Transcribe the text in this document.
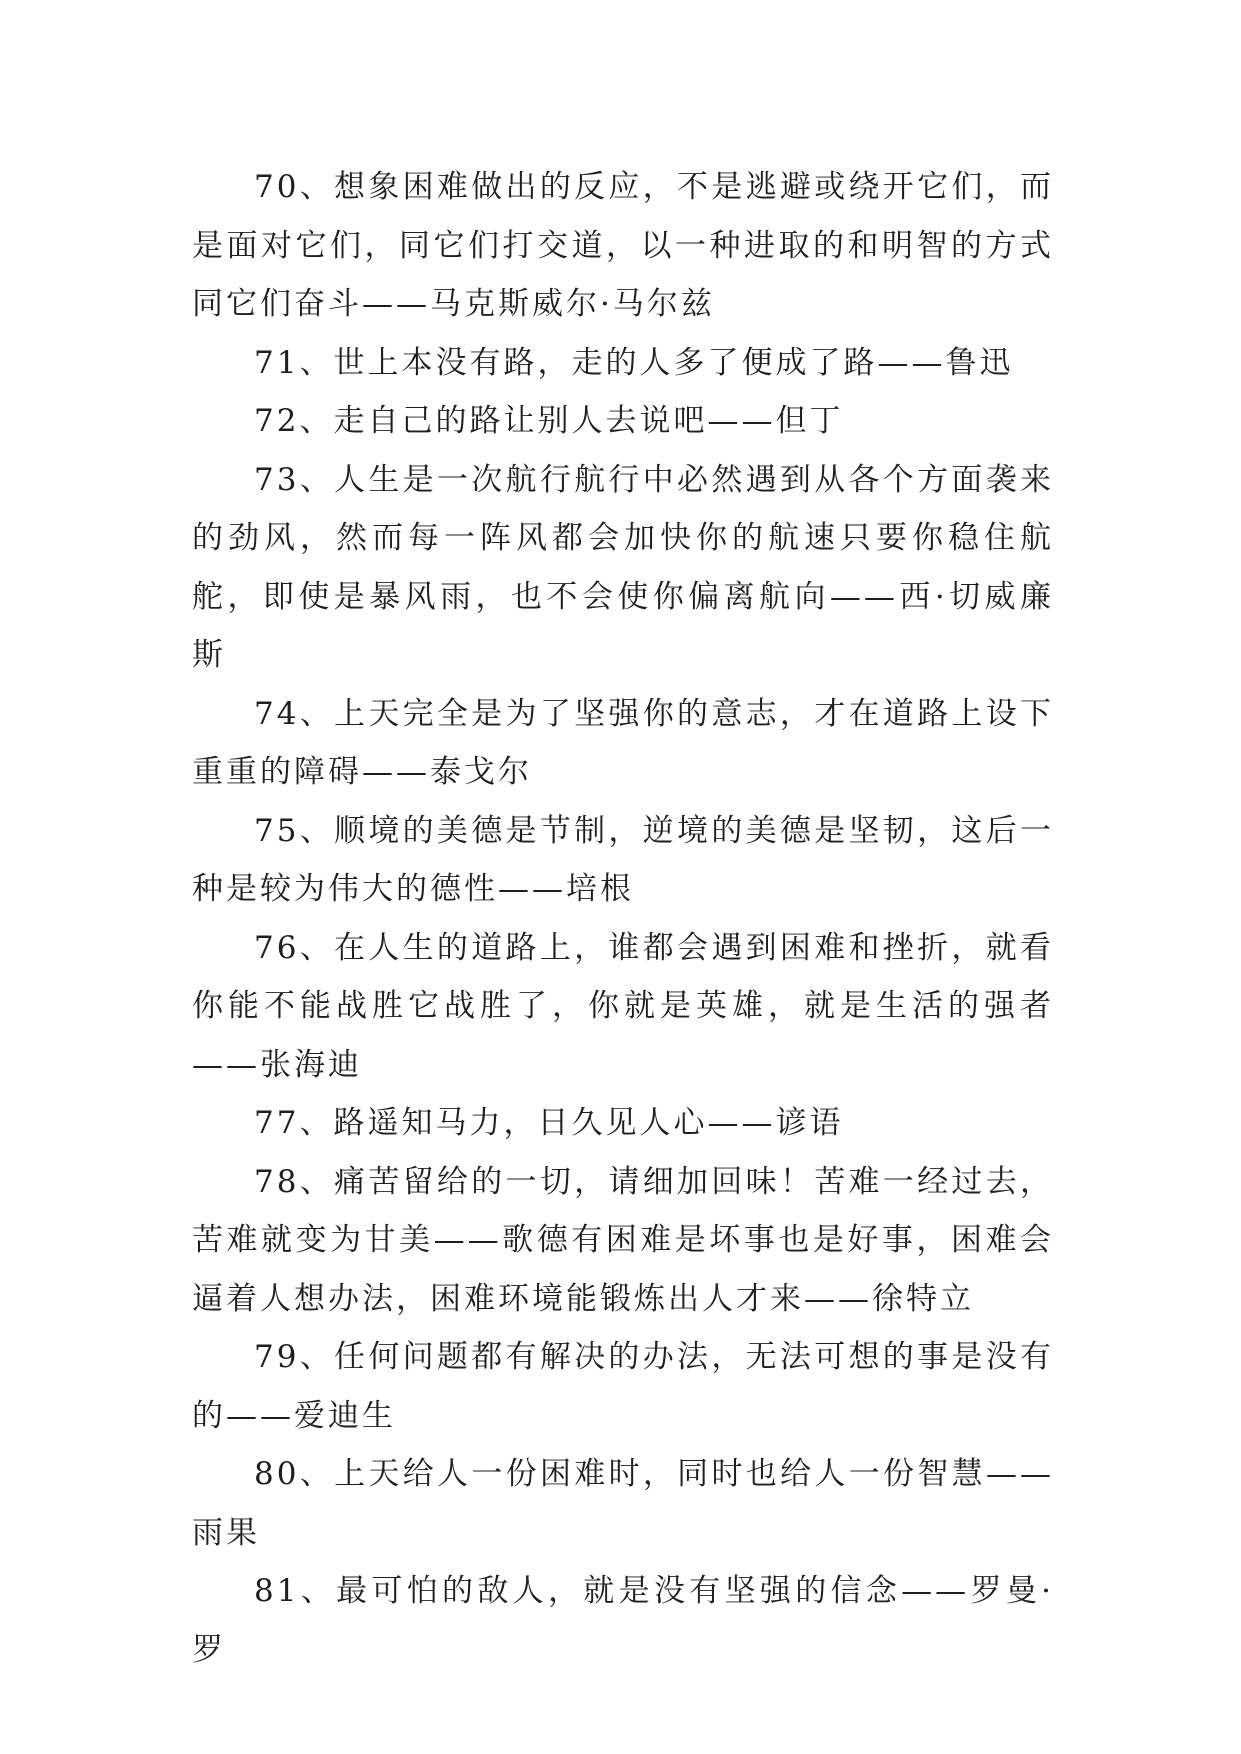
70、想象困难做出的反应，不是逃避或绕开它们，而是面对它们，同它们打交道，以一种进取的和明智的方式同它们奋斗——马克斯威尔·马尔兹

71、世上本没有路，走的人多了便成了路——鲁迅

72、走自己的路让别人去说吧——但丁

73、人生是一次航行航行中必然遇到从各个方面袭来的劲风，然而每一阵风都会加快你的航速只要你稳住航舵，即使是暴风雨，也不会使你偏离航向——西·切威廉斯

74、上天完全是为了坚强你的意志，才在道路上设下重重的障碍——泰戈尔

75、顺境的美德是节制，逆境的美德是坚韧，这后一种是较为伟大的德性——培根

76、在人生的道路上，谁都会遇到困难和挫折，就看你能不能战胜它战胜了，你就是英雄，就是生活的强者——张海迪

77、路遥知马力，日久见人心——谚语

78、痛苦留给的一切，请细加回味！苦难一经过去，苦难就变为甘美——歌德有困难是坏事也是好事，困难会逼着人想办法，困难环境能锻炼出人才来——徐特立

79、任何问题都有解决的办法，无法可想的事是没有的——爱迪生

80、上天给人一份困难时，同时也给人一份智慧——雨果

81、最可怕的敌人，就是没有坚强的信念——罗曼·罗
